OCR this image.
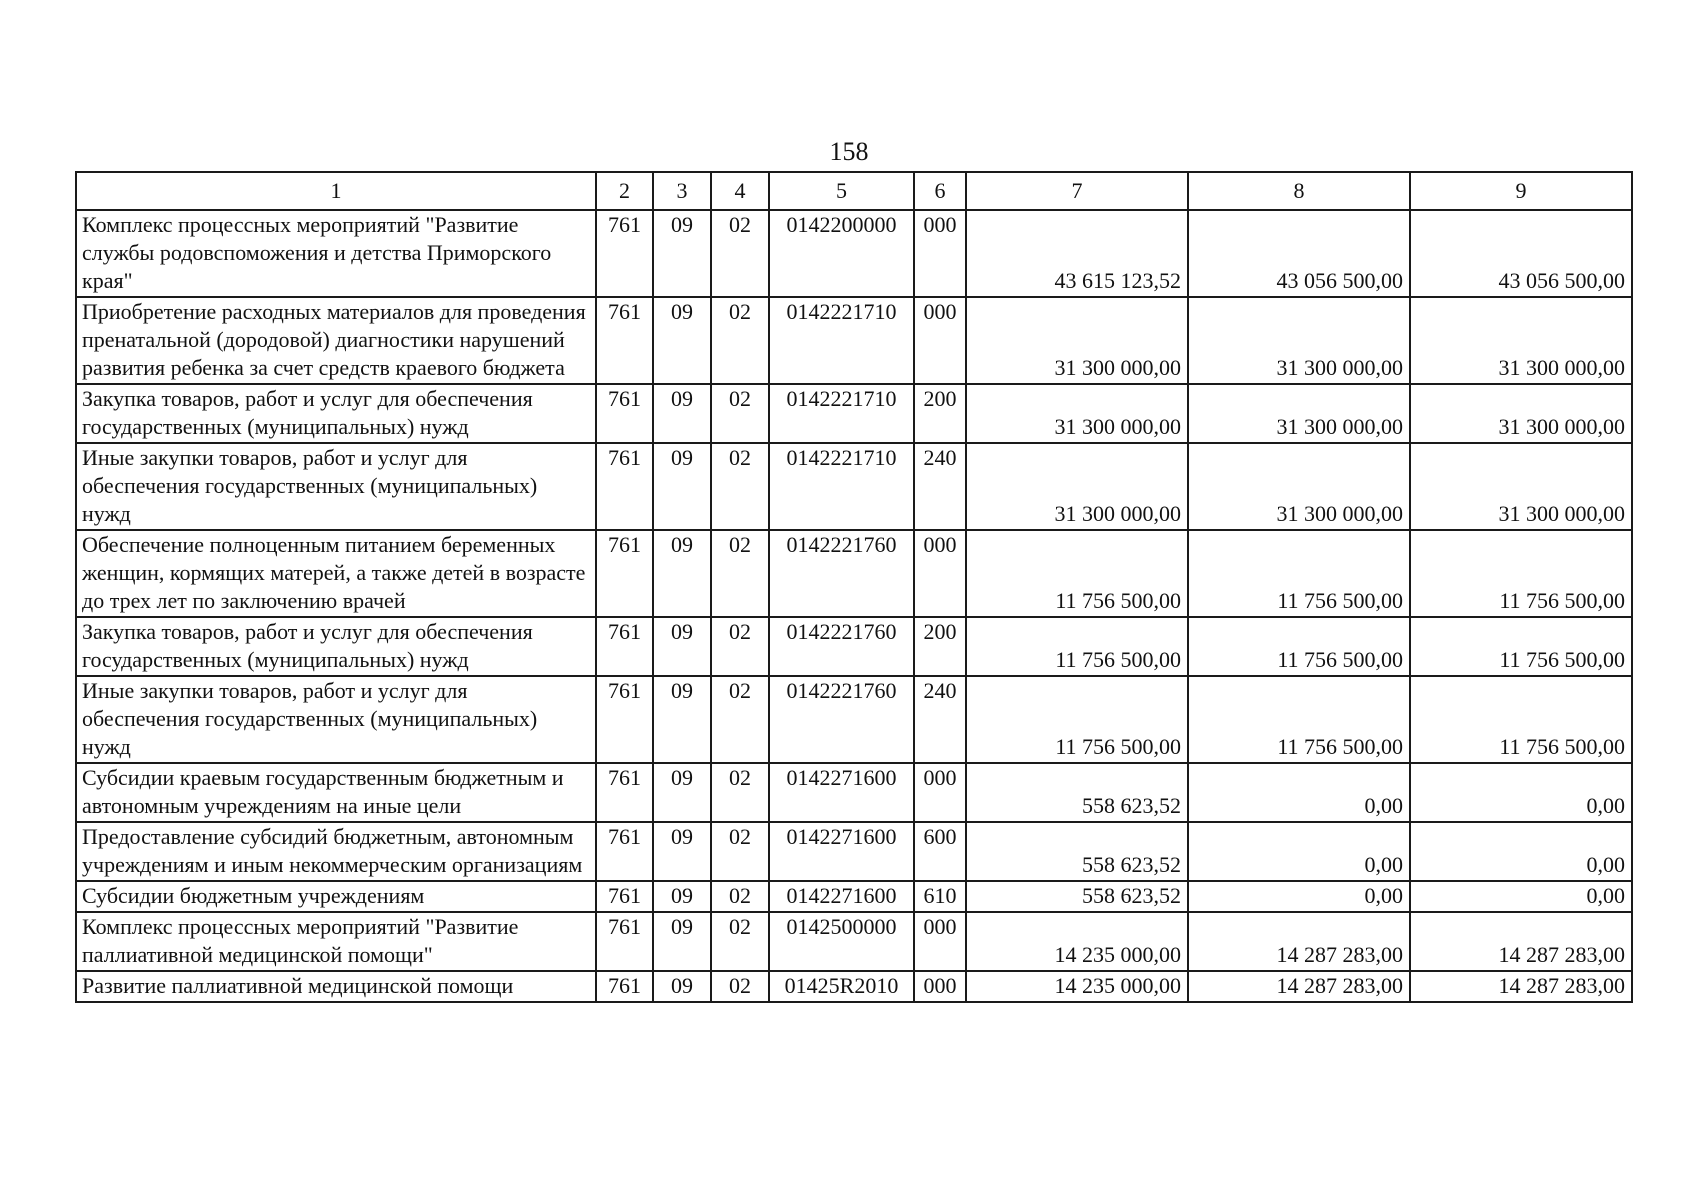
158
1	2	3	4	5	6	7	8	9
Комплекс процессных мероприятий "Развитие службы родовспоможения и детства Приморского края"	761	09	02	0142200000	000	43 615 123,52	43 056 500,00	43 056 500,00
Приобретение расходных материалов для проведения пренатальной (дородовой) диагностики нарушений развития ребенка за счет средств краевого бюджета	761	09	02	0142221710	000	31 300 000,00	31 300 000,00	31 300 000,00
Закупка товаров, работ и услуг для обеспечения государственных (муниципальных) нужд	761	09	02	0142221710	200	31 300 000,00	31 300 000,00	31 300 000,00
Иные закупки товаров, работ и услуг для обеспечения государственных (муниципальных) нужд	761	09	02	0142221710	240	31 300 000,00	31 300 000,00	31 300 000,00
Обеспечение полноценным питанием беременных женщин, кормящих матерей, а также детей в возрасте до трех лет по заключению врачей	761	09	02	0142221760	000	11 756 500,00	11 756 500,00	11 756 500,00
Закупка товаров, работ и услуг для обеспечения государственных (муниципальных) нужд	761	09	02	0142221760	200	11 756 500,00	11 756 500,00	11 756 500,00
Иные закупки товаров, работ и услуг для обеспечения государственных (муниципальных) нужд	761	09	02	0142221760	240	11 756 500,00	11 756 500,00	11 756 500,00
Субсидии краевым государственным бюджетным и автономным учреждениям на иные цели	761	09	02	0142271600	000	558 623,52	0,00	0,00
Предоставление субсидий бюджетным, автономным учреждениям и иным некоммерческим организациям	761	09	02	0142271600	600	558 623,52	0,00	0,00
Субсидии бюджетным учреждениям	761	09	02	0142271600	610	558 623,52	0,00	0,00
Комплекс процессных мероприятий "Развитие паллиативной медицинской помощи"	761	09	02	0142500000	000	14 235 000,00	14 287 283,00	14 287 283,00
Развитие паллиативной медицинской помощи	761	09	02	01425R2010	000	14 235 000,00	14 287 283,00	14 287 283,00
